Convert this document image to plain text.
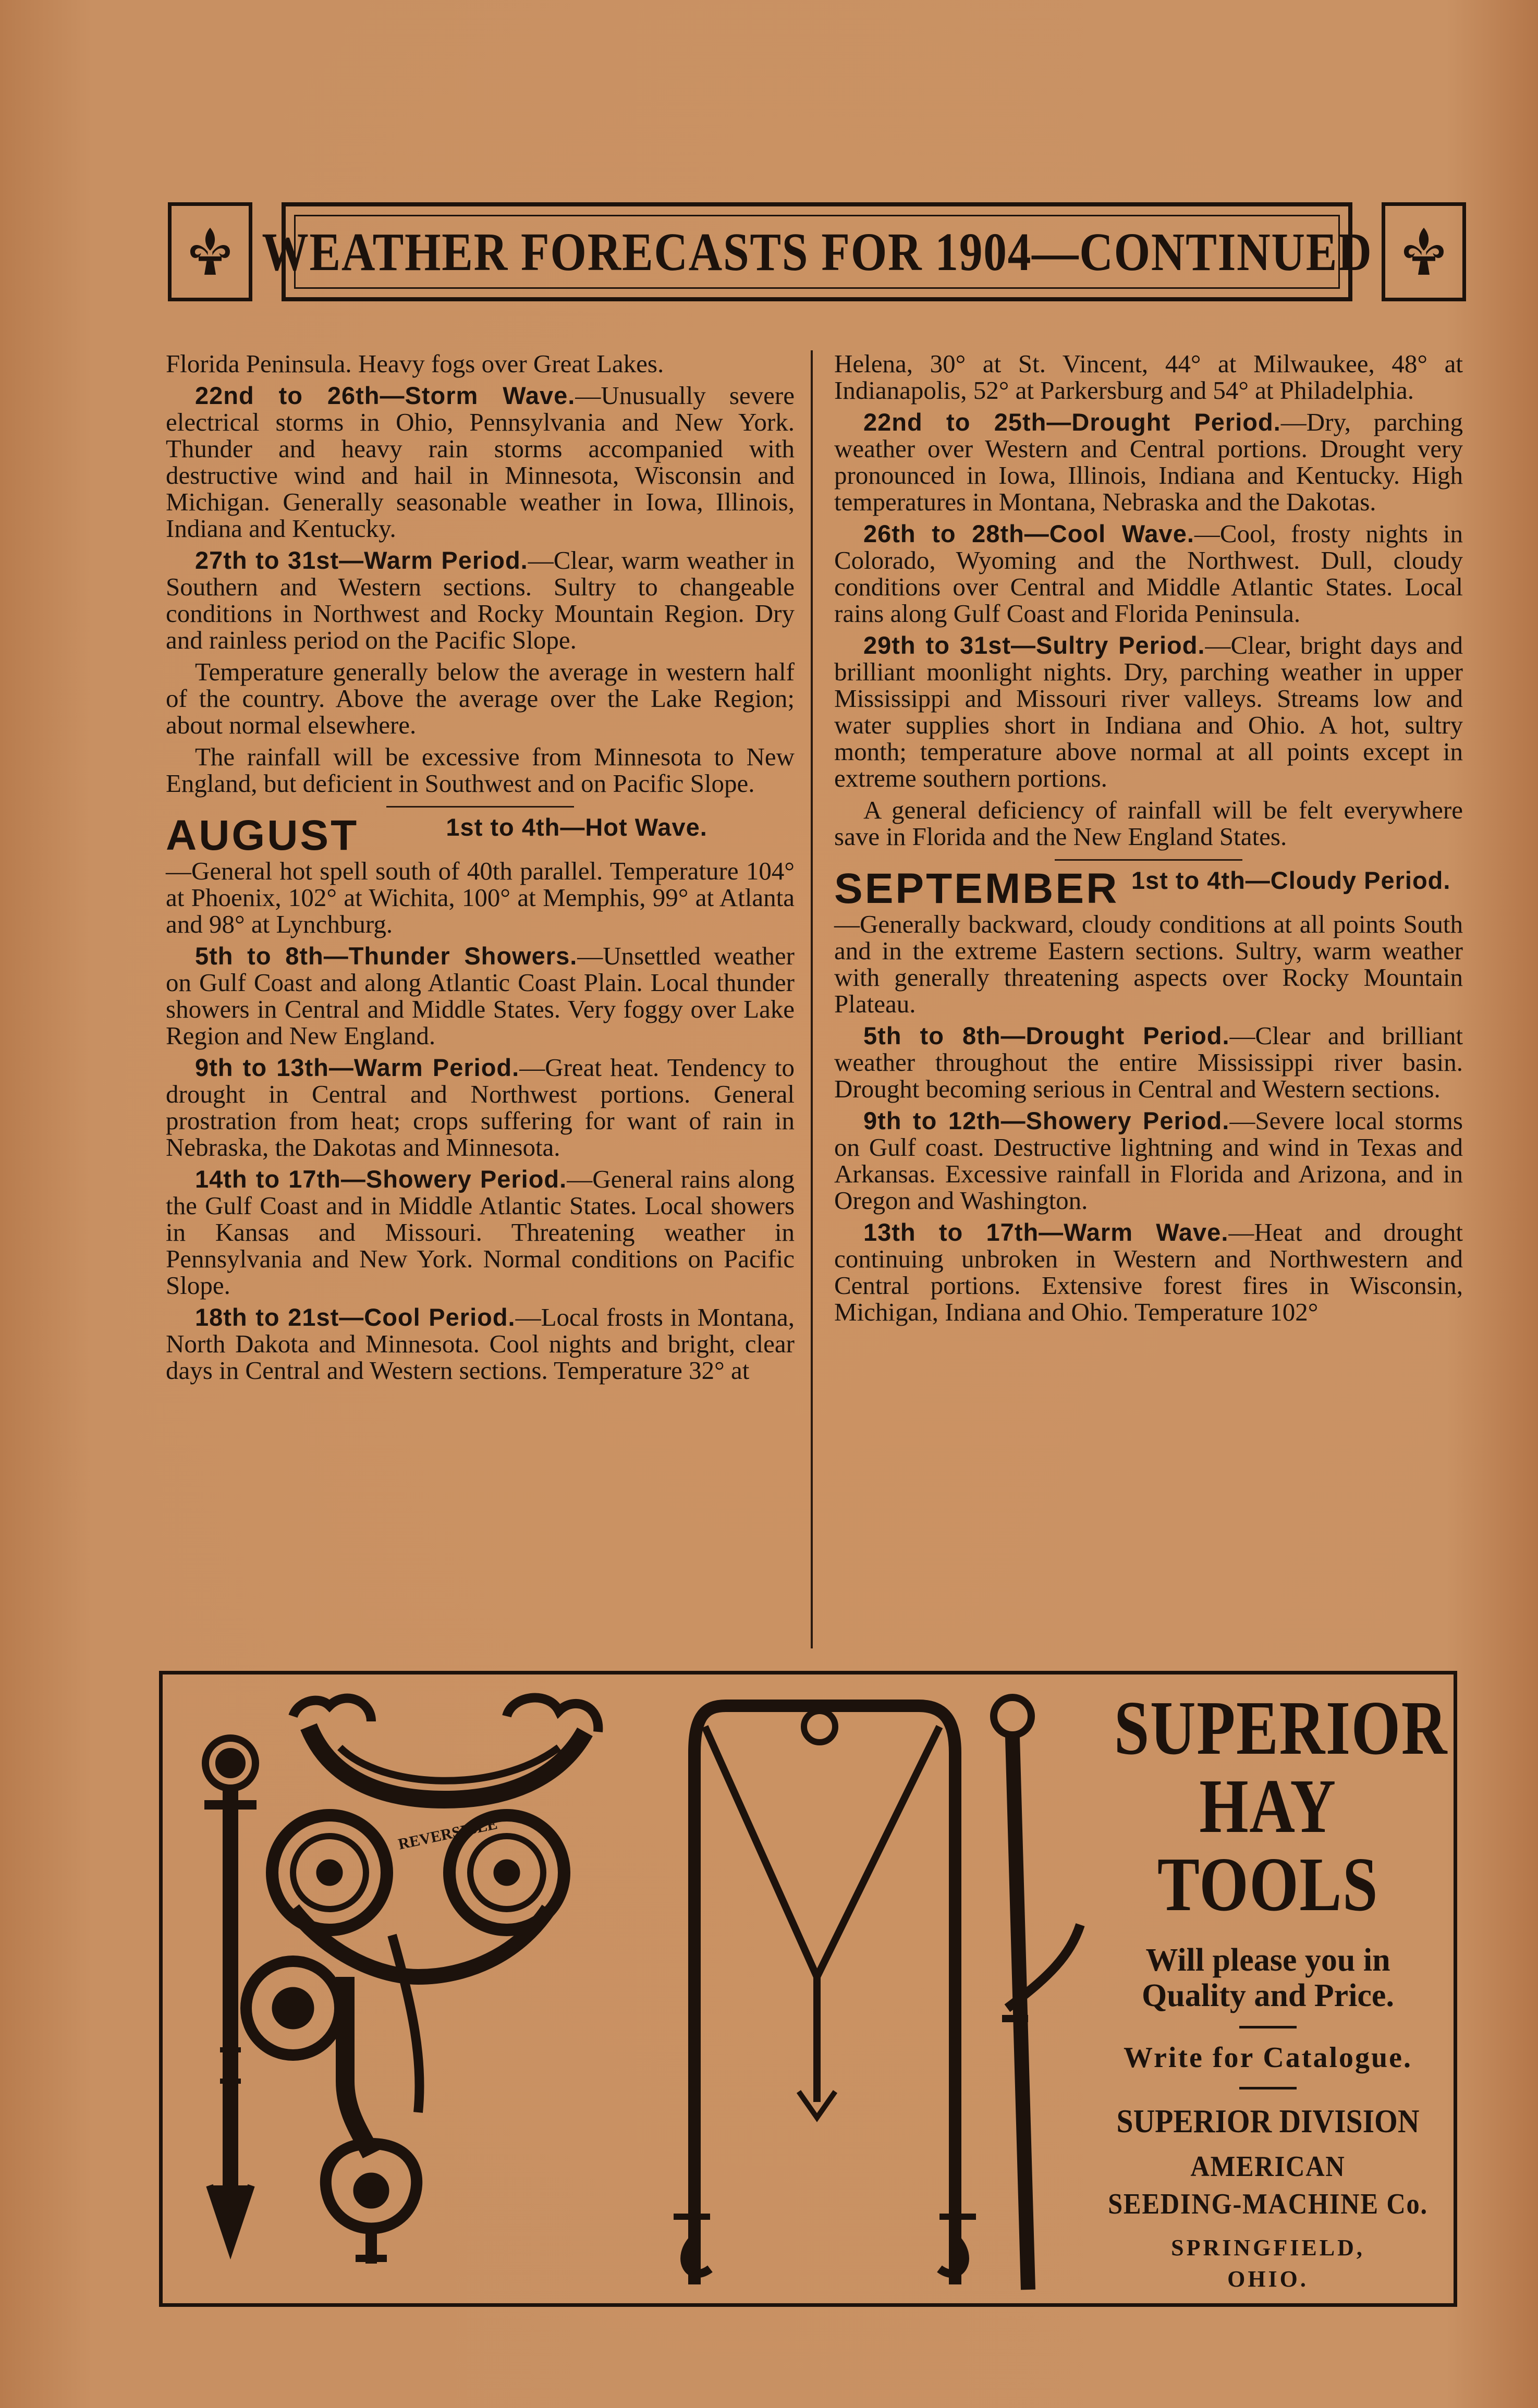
WEATHER FORECASTS FOR 1904—CONTINUED

Florida Peninsula. Heavy fogs over Great Lakes.

22nd to 26th—Storm Wave.—Unusually severe electrical storms in Ohio, Pennsylvania and New York. Thunder and heavy rain storms accompanied with destructive wind and hail in Minnesota, Wisconsin and Michigan. Generally seasonable weather in Iowa, Illinois, Indiana and Kentucky.

27th to 31st—Warm Period.—Clear, warm weather in Southern and Western sections. Sultry to changeable conditions in Northwest and Rocky Mountain Region. Dry and rainless period on the Pacific Slope.

Temperature generally below the average in western half of the country. Above the average over the Lake Region; about normal elsewhere.

The rainfall will be excessive from Minnesota to New England, but deficient in Southwest and on Pacific Slope.

AUGUST	1st to 4th—Hot Wave.

—General hot spell south of 40th parallel. Temperature 104° at Phoenix, 102° at Wichita, 100° at Memphis, 99° at Atlanta and 98° at Lynchburg.

5th to 8th—Thunder Showers.—Unsettled weather on Gulf Coast and along Atlantic Coast Plain. Local thunder showers in Central and Middle States. Very foggy over Lake Region and New England.

9th to 13th—Warm Period.—Great heat. Tendency to drought in Central and Northwest portions. General prostration from heat; crops suffering for want of rain in Nebraska, the Dakotas and Minnesota.

14th to 17th—Showery Period.—General rains along the Gulf Coast and in Middle Atlantic States. Local showers in Kansas and Missouri. Threatening weather in Pennsylvania and New York. Normal conditions on Pacific Slope.

18th to 21st—Cool Period.—Local frosts in Montana, North Dakota and Minnesota. Cool nights and bright, clear days in Central and Western sections. Temperature 32° at

Helena, 30° at St. Vincent, 44° at Milwaukee, 48° at Indianapolis, 52° at Parkersburg and 54° at Philadelphia.

22nd to 25th—Drought Period.—Dry, parching weather over Western and Central portions. Drought very pronounced in Iowa, Illinois, Indiana and Kentucky. High temperatures in Montana, Nebraska and the Dakotas.

26th to 28th—Cool Wave.—Cool, frosty nights in Colorado, Wyoming and the Northwest. Dull, cloudy conditions over Central and Middle Atlantic States. Local rains along Gulf Coast and Florida Peninsula.

29th to 31st—Sultry Period.—Clear, bright days and brilliant moonlight nights. Dry, parching weather in upper Mississippi and Missouri river valleys. Streams low and water supplies short in Indiana and Ohio. A hot, sultry month; temperature above normal at all points except in extreme southern portions.

A general deficiency of rainfall will be felt everywhere save in Florida and the New England States.

SEPTEMBER 1st to 4th—Cloudy Period.

—Generally backward, cloudy conditions at all points South and in the extreme Eastern sections. Sultry, warm weather with generally threatening aspects over Rocky Mountain Plateau.

5th to 8th—Drought Period.—Clear and brilliant weather throughout the entire Mississippi river basin. Drought becoming serious in Central and Western sections.

9th to 12th—Showery Period.—Severe local storms on Gulf coast. Destructive lightning and wind in Texas and Arkansas. Excessive rainfall in Florida and Arizona, and in Oregon and Washington.

13th to 17th—Warm Wave.—Heat and drought continuing unbroken in Western and Northwestern and Central portions. Extensive forest fires in Wisconsin, Michigan, Indiana and Ohio. Temperature 102°

REVERSIBLE
SUPERIOR
HAY
TOOLS
Will please you in
Quality and Price.
Write for Catalogue.
SUPERIOR DIVISION
AMERICAN
SEEDING-MACHINE Co.
SPRINGFIELD,
OHIO.
